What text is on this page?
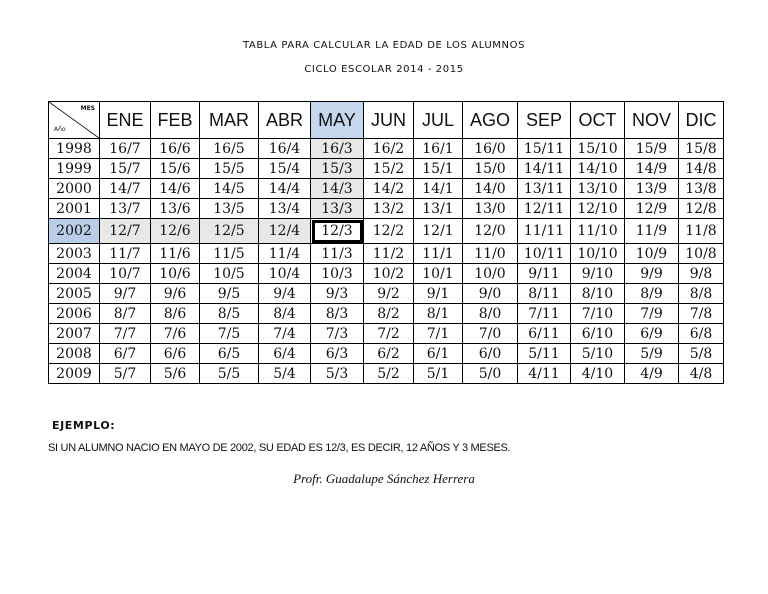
TABLA PARA CALCULAR LA EDAD DE LOS ALUMNOS
CICLO ESCOLAR 2014 - 2015
MES
Año	ENE	FEB	MAR	ABR	MAY	JUN	JUL	AGO	SEP	OCT	NOV	DIC
1998	16/7	16/6	16/5	16/4	16/3	16/2	16/1	16/0	15/11	15/10	15/9	15/8
1999	15/7	15/6	15/5	15/4	15/3	15/2	15/1	15/0	14/11	14/10	14/9	14/8
2000	14/7	14/6	14/5	14/4	14/3	14/2	14/1	14/0	13/11	13/10	13/9	13/8
2001	13/7	13/6	13/5	13/4	13/3	13/2	13/1	13/0	12/11	12/10	12/9	12/8
2002	12/7	12/6	12/5	12/4	12/3	12/2	12/1	12/0	11/11	11/10	11/9	11/8
2003	11/7	11/6	11/5	11/4	11/3	11/2	11/1	11/0	10/11	10/10	10/9	10/8
2004	10/7	10/6	10/5	10/4	10/3	10/2	10/1	10/0	9/11	9/10	9/9	9/8
2005	9/7	9/6	9/5	9/4	9/3	9/2	9/1	9/0	8/11	8/10	8/9	8/8
2006	8/7	8/6	8/5	8/4	8/3	8/2	8/1	8/0	7/11	7/10	7/9	7/8
2007	7/7	7/6	7/5	7/4	7/3	7/2	7/1	7/0	6/11	6/10	6/9	6/8
2008	6/7	6/6	6/5	6/4	6/3	6/2	6/1	6/0	5/11	5/10	5/9	5/8
2009	5/7	5/6	5/5	5/4	5/3	5/2	5/1	5/0	4/11	4/10	4/9	4/8
EJEMPLO:
SI UN ALUMNO NACIO EN MAYO DE 2002, SU EDAD ES 12/3, ES DECIR, 12 AÑOS Y 3 MESES.
Profr. Guadalupe Sánchez Herrera
